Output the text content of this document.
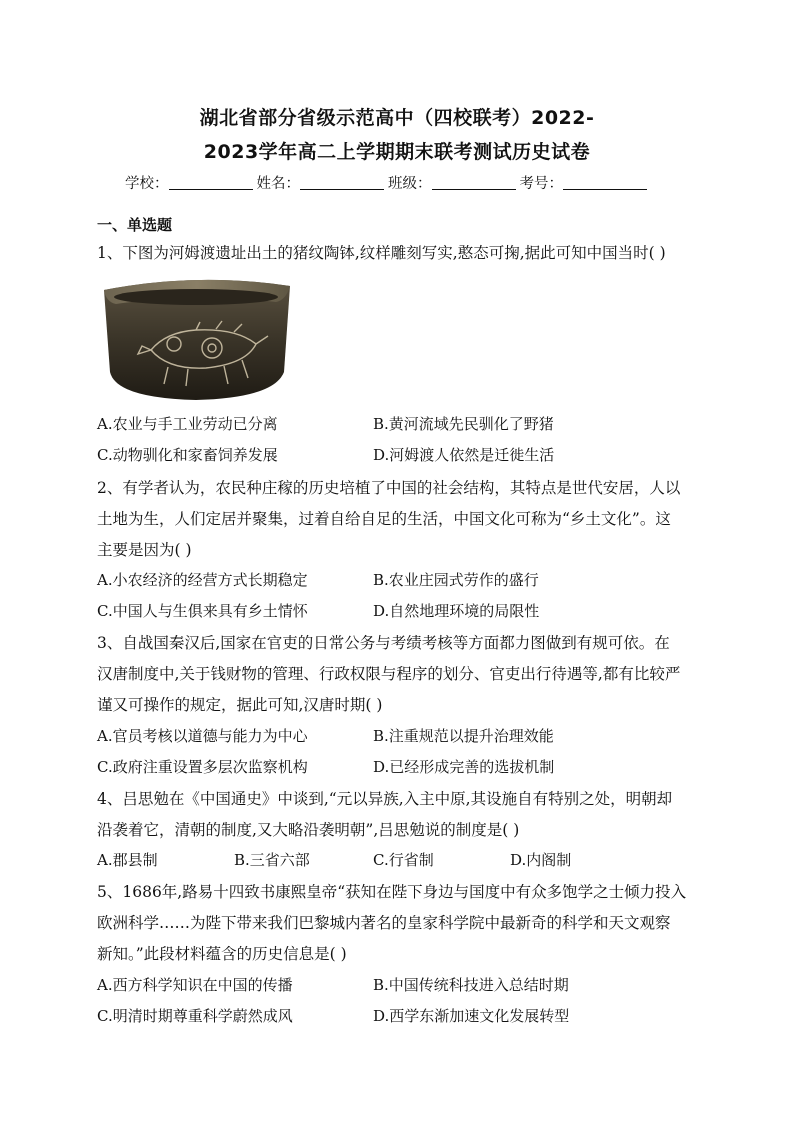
湖北省部分省级示范高中（四校联考）2022-
2023学年高二上学期期末联考测试历史试卷
学校：	姓名：	班级：	考号：
一、单选题
1、下图为河姆渡遗址出土的猪纹陶钵,纹样雕刻写实,憨态可掬,据此可知中国当时( )
A.农业与手工业劳动已分离	B.黄河流域先民驯化了野猪
C.动物驯化和家畜饲养发展	D.河姆渡人依然是迁徙生活
2、有学者认为，农民种庄稼的历史培植了中国的社会结构，其特点是世代安居，人以
土地为生，人们定居并聚集，过着自给自足的生活，中国文化可称为“乡土文化”。这
主要是因为( )
A.小农经济的经营方式长期稳定	B.农业庄园式劳作的盛行
C.中国人与生俱来具有乡土情怀	D.自然地理环境的局限性
3、自战国秦汉后,国家在官吏的日常公务与考绩考核等方面都力图做到有规可依。在
汉唐制度中,关于钱财物的管理、行政权限与程序的划分、官吏出行待遇等,都有比较严
谨又可操作的规定，据此可知,汉唐时期( )
A.官员考核以道德与能力为中心	B.注重规范以提升治理效能
C.政府注重设置多层次监察机构	D.已经形成完善的选拔机制
4、吕思勉在《中国通史》中谈到,“元以异族,入主中原,其设施自有特别之处，明朝却
沿袭着它，清朝的制度,又大略沿袭明朝”,吕思勉说的制度是( )
A.郡县制	B.三省六部	C.行省制	D.内阁制
5、1686年,路易十四致书康熙皇帝“获知在陛下身边与国度中有众多饱学之士倾力投入
欧洲科学……为陛下带来我们巴黎城内著名的皇家科学院中最新奇的科学和天文观察
新知。”此段材料蕴含的历史信息是( )
A.西方科学知识在中国的传播	B.中国传统科技进入总结时期
C.明清时期尊重科学蔚然成风	D.西学东渐加速文化发展转型
